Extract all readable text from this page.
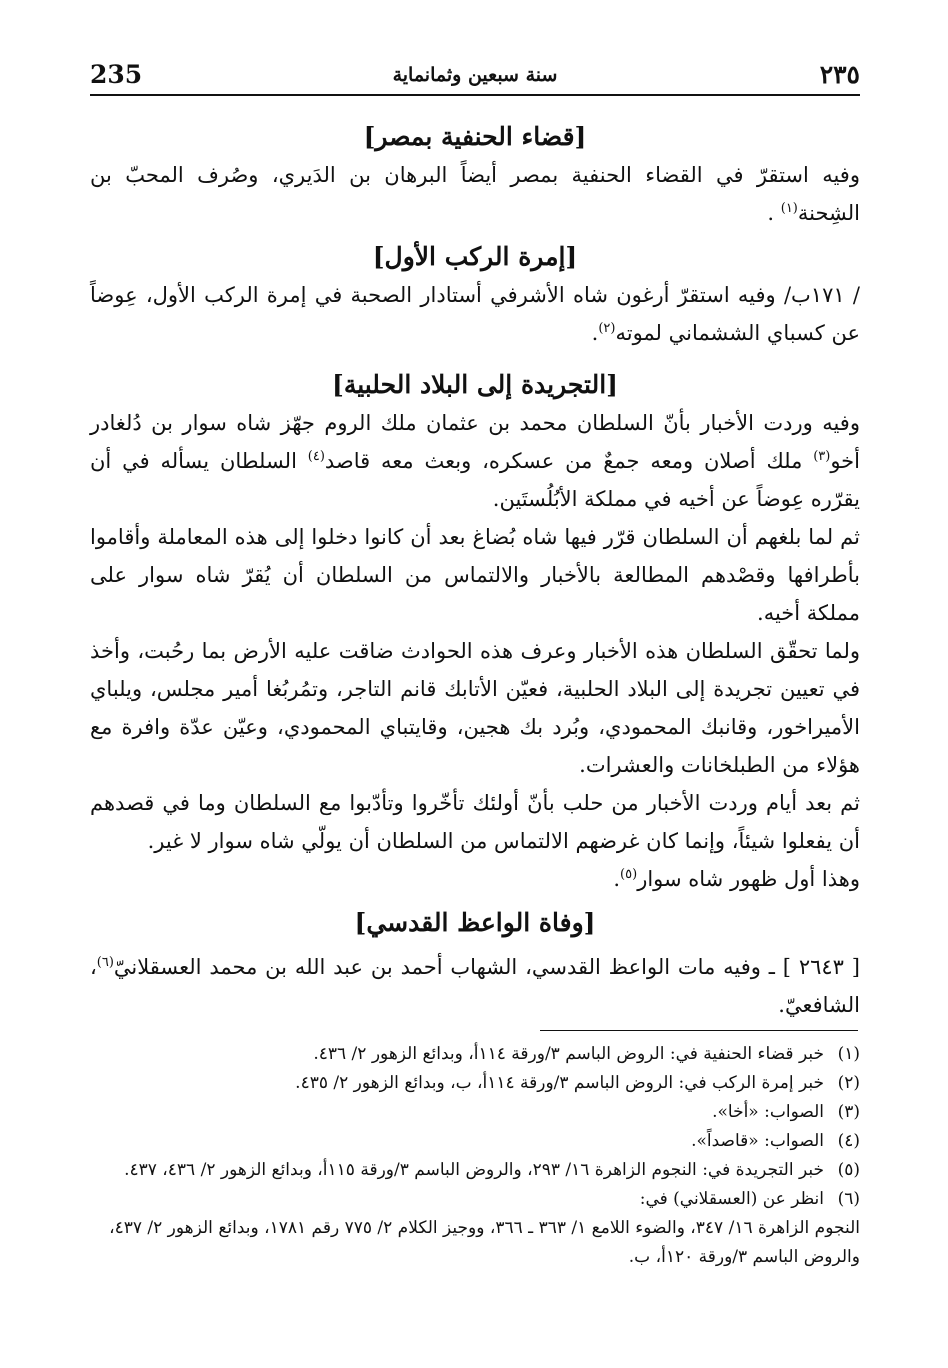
235	سنة سبعين وثمانماية	٢٣٥
[قضاء الحنفية بمصر]

وفيه استقرّ في القضاء الحنفية بمصر أيضاً البرهان بن الدَيري، وصُرف المحبّ بن الشِحنة$^{(١)}$ .

[إمرة الركب الأول]

/ ١٧١ب/ وفيه استقرّ أرغون شاه الأشرفي أستادار الصحبة في إمرة الركب الأول، عِوضاً عن كسباي الششماني لموته$^{(٢)}$.

[التجريدة إلى البلاد الحلبية]

وفيه وردت الأخبار بأنّ السلطان محمد بن عثمان ملك الروم جهّز شاه سوار بن دُلغادر أخو$^{(٣)}$ ملك أصلان ومعه جمعٌ من عسكره، وبعث معه قاصد$^{(٤)}$ السلطان يسأله في أن يقرّره عِوضاً عن أخيه في مملكة الأبُلُستَين.

ثم لما بلغهم أن السلطان قرّر فيها شاه بُضاغ بعد أن كانوا دخلوا إلى هذه المعاملة وأقاموا بأطرافها وقصْدهم المطالعة بالأخبار والالتماس من السلطان أن يُقرّ شاه سوار على مملكة أخيه.

ولما تحقّق السلطان هذه الأخبار وعرف هذه الحوادث ضاقت عليه الأرض بما رحُبت، وأخذ في تعيين تجريدة إلى البلاد الحلبية، فعيّن الأتابك قانم التاجر، وتمُربُغا أمير مجلس، ويلباي الأميراخور، وقانبك المحمودي، وبُرد بك هجين، وقايتباي المحمودي، وعيّن عدّة وافرة مع هؤلاء من الطبلخانات والعشرات.

ثم بعد أيام وردت الأخبار من حلب بأنّ أولئك تأخّروا وتأدّبوا مع السلطان وما في قصدهم أن يفعلوا شيئاً، وإنما كان غرضهم الالتماس من السلطان أن يولّي شاه سوار لا غير.

وهذا أول ظهور شاه سوار$^{(٥)}$.

[وفاة الواعظ القدسي]

[ ٢٦٤٣ ] ـ وفيه مات الواعظ القدسي، الشهاب أحمد بن عبد الله بن محمد العسقلانيّ$^{(٦)}$، الشافعيّ.

(١)
خبر قضاء الحنفية في: الروض الباسم ٣/ورقة ١١٤أ، وبدائع الزهور ٢/ ٤٣٦.
(٢)
خبر إمرة الركب في: الروض الباسم ٣/ورقة ١١٤أ، ب، وبدائع الزهور ٢/ ٤٣٥.
(٣)
الصواب: «أخا».
(٤)
الصواب: «قاصداً».
(٥)
خبر التجريدة في: النجوم الزاهرة ١٦/ ٢٩٣، والروض الباسم ٣/ورقة ١١٥أ، وبدائع الزهور ٢/ ٤٣٦، ٤٣٧.
(٦)
انظر عن (العسقلاني) في:
النجوم الزاهرة ١٦/ ٣٤٧، والضوء اللامع ١/ ٣٦٣ ـ ٣٦٦، ووجيز الكلام ٢/ ٧٧٥ رقم ١٧٨١، وبدائع الزهور ٢/ ٤٣٧، والروض الباسم ٣/ورقة ١٢٠أ، ب.
